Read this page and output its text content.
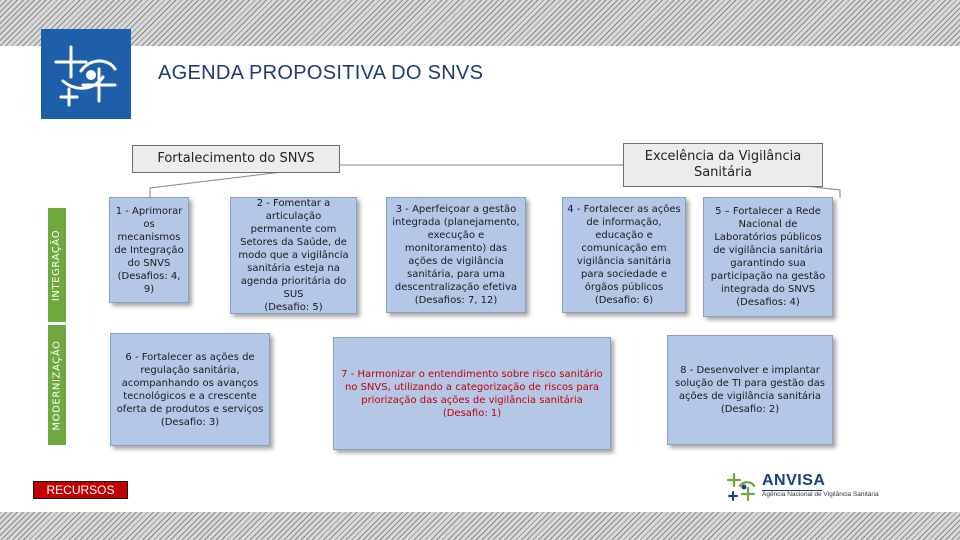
AGENDA PROPOSITIVA DO SNVS
Fortalecimento do SNVS	Excelência da Vigilância Sanitária
INTEGRAÇÃO
MODERNIZAÇÃO
1 - Aprimorar os mecanismos de Integração do SNVS
(Desafios: 4, 9)
2 - Fomentar a articulação permanente com Setores da Saúde, de modo que a vigilância sanitária esteja na agenda prioritária do SUS
(Desafio: 5)
3 - Aperfeiçoar a gestão integrada (planejamento, execução e monitoramento) das ações de vigilância sanitária, para uma descentralização efetiva
(Desafios: 7, 12)
4 - Fortalecer as ações de informação, educação e comunicação em vigilância sanitária para sociedade e órgãos públicos
(Desafio: 6)
5 – Fortalecer a Rede Nacional de Laboratórios públicos de vigilância sanitária garantindo sua participação na gestão integrada do SNVS
(Desafios: 4)
6 - Fortalecer as ações de regulação sanitária, acompanhando os avanços tecnológicos e a crescente oferta de produtos e serviços
(Desafio: 3)
7 - Harmonizar o entendimento sobre risco sanitário no SNVS, utilizando a categorização de riscos para priorização das ações de vigilância sanitária
(Desafio: 1)
8 - Desenvolver e implantar solução de TI para gestão das ações de vigilância sanitária
(Desafio: 2)
RECURSOS
ANVISA
Agência Nacional de Vigilância Sanitária
